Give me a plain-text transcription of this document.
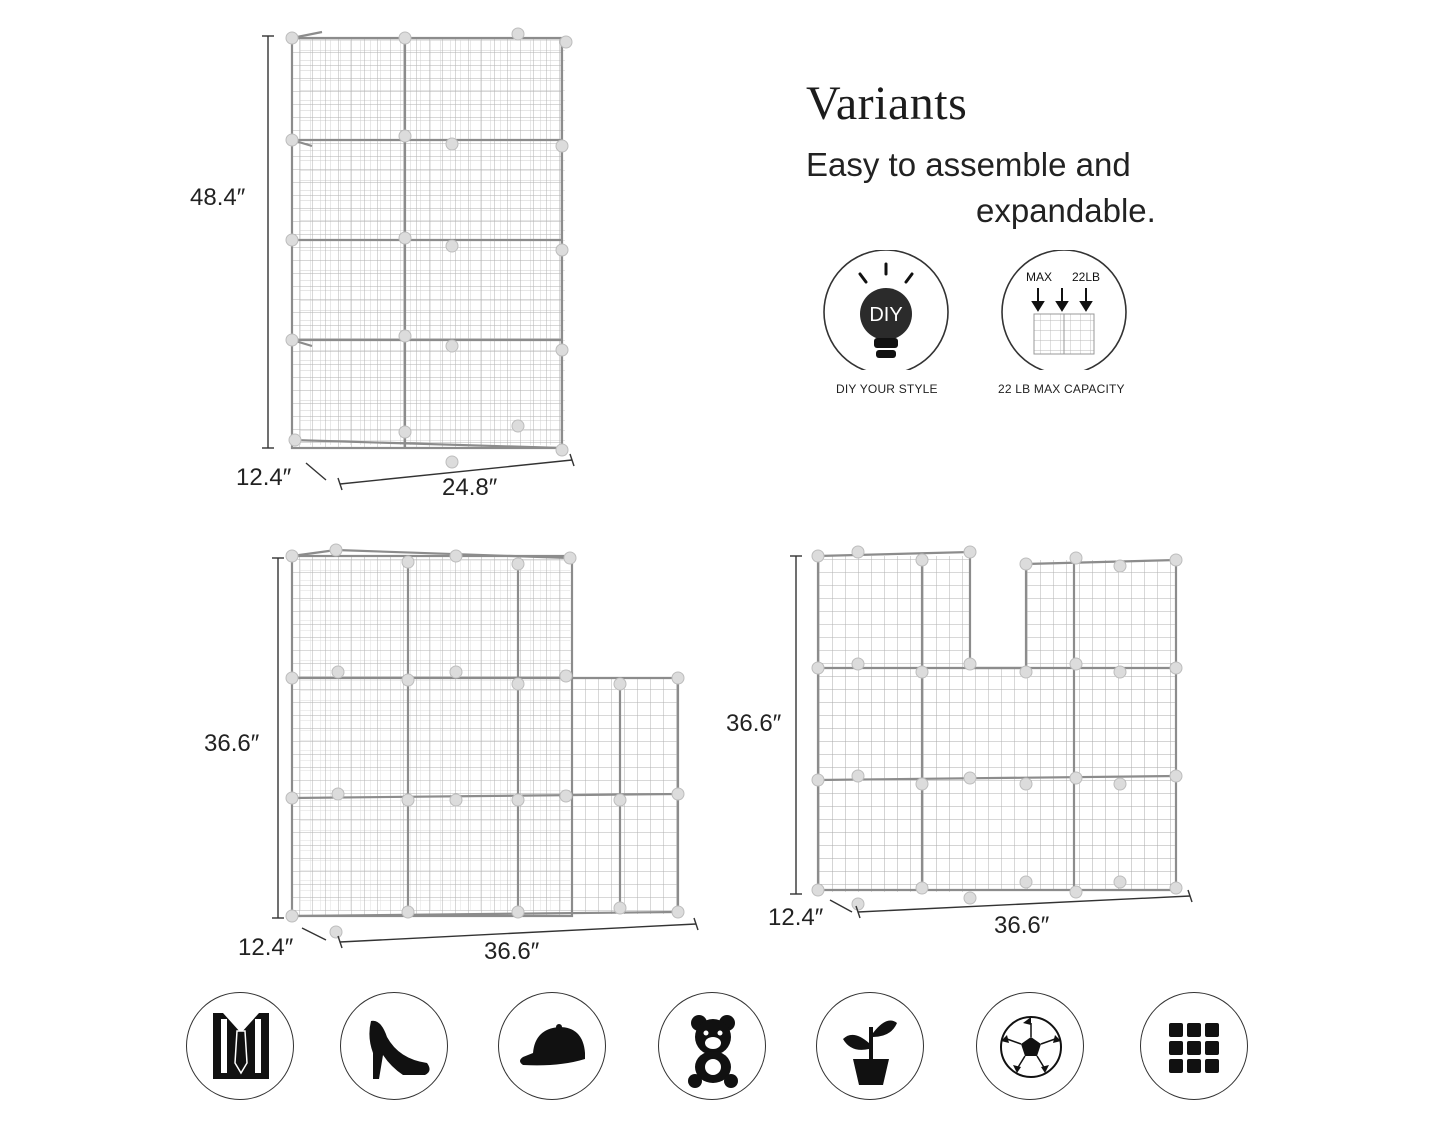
Variants
Easy to assemble and
expandable.
48.4″
12.4″	24.8″
36.6″
12.4″	36.6″
36.6″
12.4″	36.6″
DIY
DIY YOUR STYLE
MAX 22LB
22 LB MAX CAPACITY
